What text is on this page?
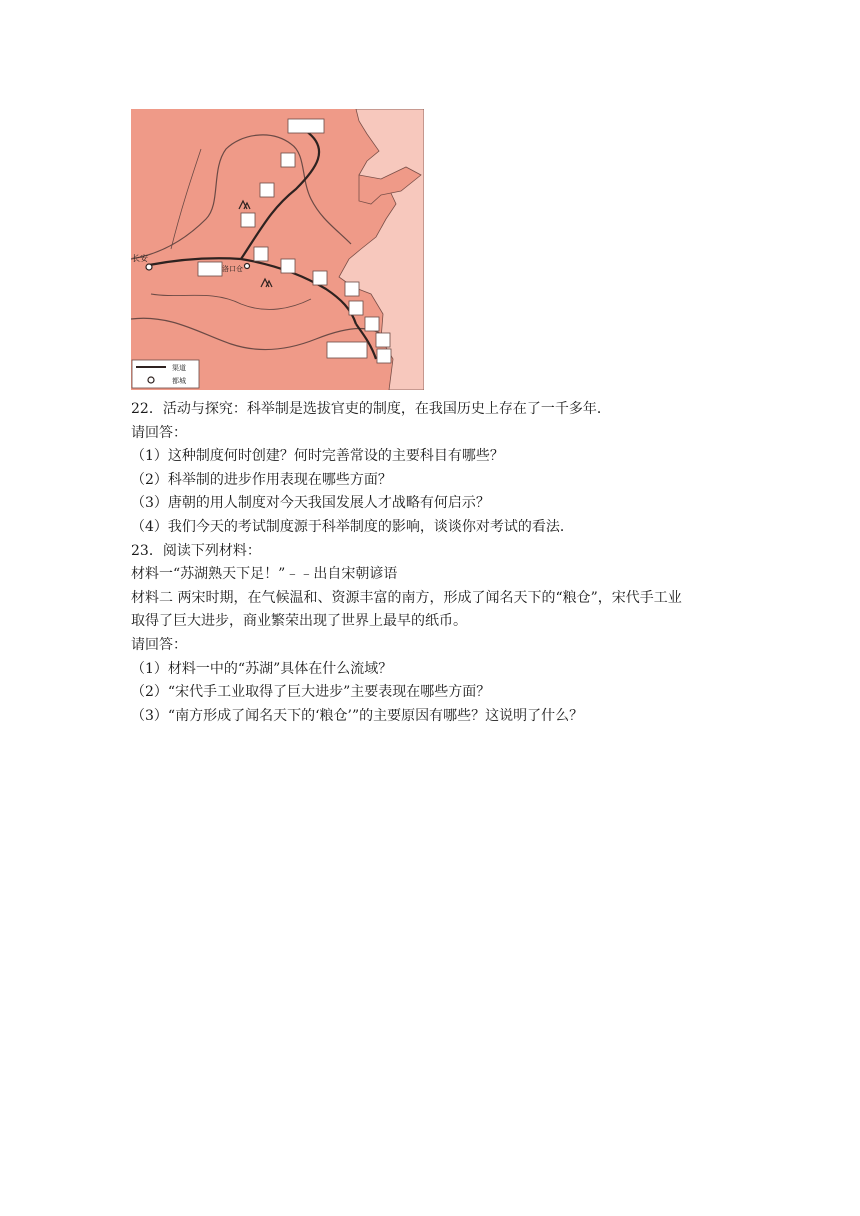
长安
洛口仓
渠道
都城
22．活动与探究：科举制是选拔官吏的制度，在我国历史上存在了一千多年．
请回答：
（1）这种制度何时创建？何时完善常设的主要科目有哪些？
（2）科举制的进步作用表现在哪些方面？
（3）唐朝的用人制度对今天我国发展人才战略有何启示？
（4）我们今天的考试制度源于科举制度的影响，谈谈你对考试的看法．
23．阅读下列材料：
材料一“苏湖熟天下足！”﹣﹣出自宋朝谚语
材料二 两宋时期，在气候温和、资源丰富的南方，形成了闻名天下的“粮仓”，宋代手工业
取得了巨大进步，商业繁荣出现了世界上最早的纸币。
请回答：
（1）材料一中的“苏湖”具体在什么流域？
（2）“宋代手工业取得了巨大进步”主要表现在哪些方面？
（3）“南方形成了闻名天下的‘粮仓’”的主要原因有哪些？这说明了什么？
